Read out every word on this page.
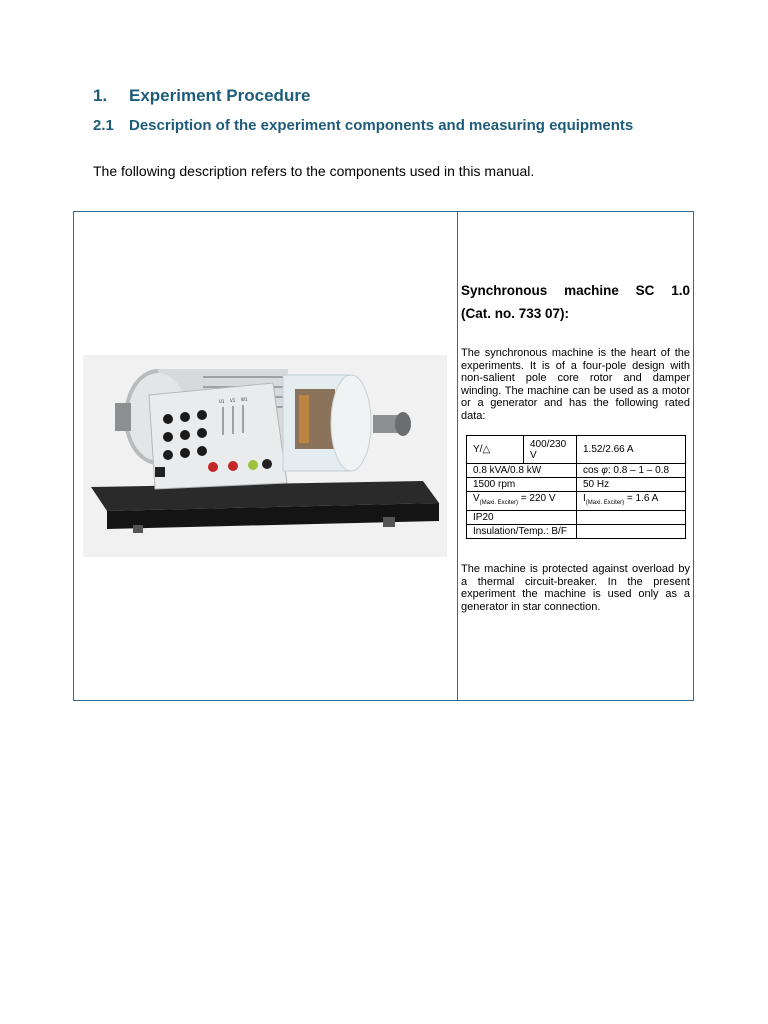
1. Experiment Procedure
2.1 Description of the experiment components and measuring equipments
The following description refers to the components used in this manual.
U1 V1 W1
Synchronous machine SC 1.0
(Cat. no. 733 07):
The synchronous machine is the heart of the experiments. It is of a four-pole design with non-salient pole core rotor and damper winding. The machine can be used as a motor or a generator and has the following rated data:
Y/△	400/230 V	1.52/2.66 A
0.8 kVA/0.8 kW		cos φ: 0.8 – 1 – 0.8
1500 rpm		50 Hz
$V_{(Maxi. Exciter)} = 220$ V		$I_{(Maxi. Exciter)} = 1.6$ A
IP20		
Insulation/Temp.: B/F		
The machine is protected against overload by a thermal circuit-breaker. In the present experiment the machine is used only as a generator in star connection.
